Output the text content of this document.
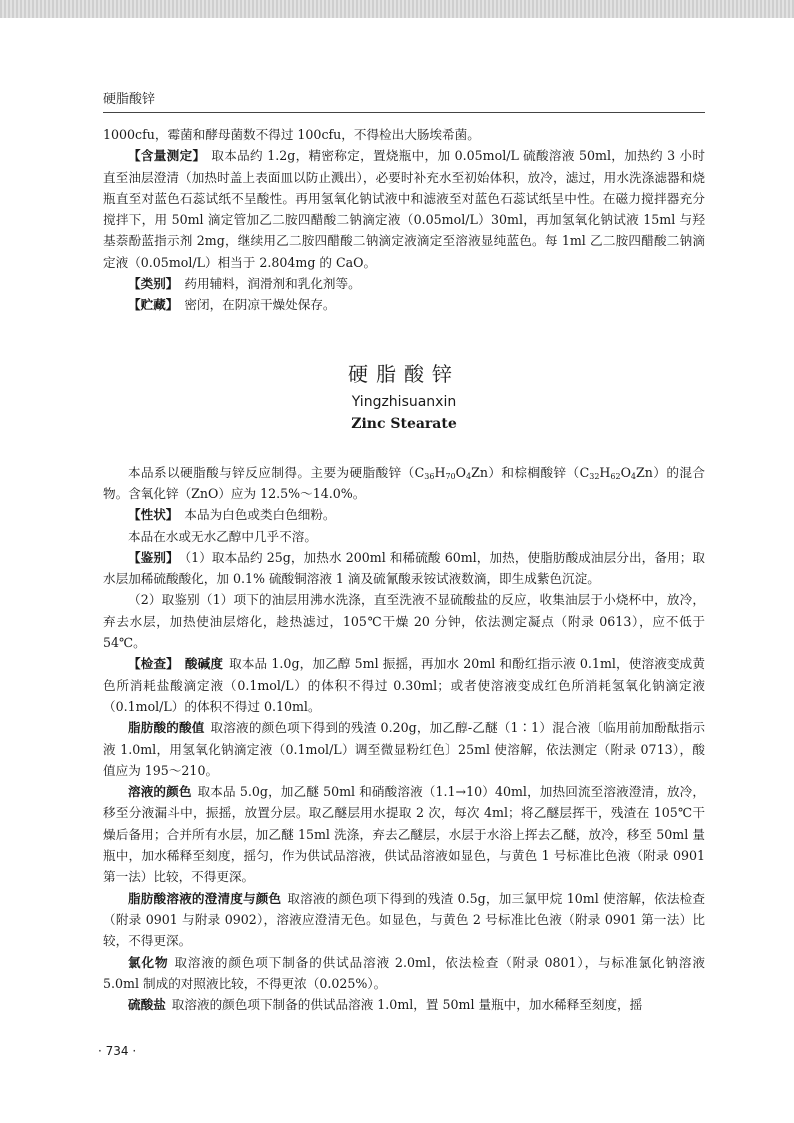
硬脂酸锌

1000cfu，霉菌和酵母菌数不得过 100cfu，不得检出大肠埃希菌。

【含量测定】 取本品约 1.2g，精密称定，置烧瓶中，加 0.05mol/L 硫酸溶液 50ml，加热约 3 小时直至油层澄清（加热时盖上表面皿以防止溅出），必要时补充水至初始体积，放冷，滤过，用水洗涤滤器和烧瓶直至对蓝色石蕊试纸不呈酸性。再用氢氧化钠试液中和滤液至对蓝色石蕊试纸呈中性。在磁力搅拌器充分搅拌下，用 50ml 滴定管加乙二胺四醋酸二钠滴定液（0.05mol/L）30ml，再加氢氧化钠试液 15ml 与羟基萘酚蓝指示剂 2mg，继续用乙二胺四醋酸二钠滴定液滴定至溶液显纯蓝色。每 1ml 乙二胺四醋酸二钠滴定液（0.05mol/L）相当于 2.804mg 的 CaO。

【类别】 药用辅料，润滑剂和乳化剂等。

【贮藏】 密闭，在阴凉干燥处保存。

硬脂酸锌
Yingzhisuanxin
Zinc Stearate

本品系以硬脂酸与锌反应制得。主要为硬脂酸锌$(C_{36}H_{70}O_4Zn)$和棕榈酸锌$(C_{32}H_{62}O_4Zn)$的混合物。含氧化锌（ZnO）应为 12.5%～14.0%。

【性状】 本品为白色或类白色细粉。

本品在水或无水乙醇中几乎不溶。

【鉴别】 （1）取本品约 25g，加热水 200ml 和稀硫酸 60ml，加热，使脂肪酸成油层分出，备用；取水层加稀硫酸酸化，加 0.1% 硫酸铜溶液 1 滴及硫氰酸汞铵试液数滴，即生成紫色沉淀。

（2）取鉴别（1）项下的油层用沸水洗涤，直至洗液不显硫酸盐的反应，收集油层于小烧杯中，放冷，弃去水层，加热使油层熔化，趁热滤过，105℃干燥 20 分钟，依法测定凝点（附录 0613），应不低于 54℃。

【检查】 酸碱度 取本品 1.0g，加乙醇 5ml 振摇，再加水 20ml 和酚红指示液 0.1ml，使溶液变成黄色所消耗盐酸滴定液（0.1mol/L）的体积不得过 0.30ml；或者使溶液变成红色所消耗氢氧化钠滴定液（0.1mol/L）的体积不得过 0.10ml。

脂肪酸的酸值 取溶液的颜色项下得到的残渣 0.20g，加乙醇-乙醚（1∶1）混合液〔临用前加酚酞指示液 1.0ml，用氢氧化钠滴定液（0.1mol/L）调至微显粉红色〕25ml 使溶解，依法测定（附录 0713），酸值应为 195～210。

溶液的颜色 取本品 5.0g，加乙醚 50ml 和硝酸溶液（1.1→10）40ml，加热回流至溶液澄清，放冷，移至分液漏斗中，振摇，放置分层。取乙醚层用水提取 2 次，每次 4ml；将乙醚层挥干，残渣在 105℃干燥后备用；合并所有水层，加乙醚 15ml 洗涤，弃去乙醚层，水层于水浴上挥去乙醚，放冷，移至 50ml 量瓶中，加水稀释至刻度，摇匀，作为供试品溶液，供试品溶液如显色，与黄色 1 号标准比色液（附录 0901 第一法）比较，不得更深。

脂肪酸溶液的澄清度与颜色 取溶液的颜色项下得到的残渣 0.5g，加三氯甲烷 10ml 使溶解，依法检查（附录 0901 与附录 0902），溶液应澄清无色。如显色，与黄色 2 号标准比色液（附录 0901 第一法）比较，不得更深。

氯化物 取溶液的颜色项下制备的供试品溶液 2.0ml，依法检查（附录 0801），与标准氯化钠溶液 5.0ml 制成的对照液比较，不得更浓（0.025%）。

硫酸盐 取溶液的颜色项下制备的供试品溶液 1.0ml，置 50ml 量瓶中，加水稀释至刻度，摇

· 734 ·
